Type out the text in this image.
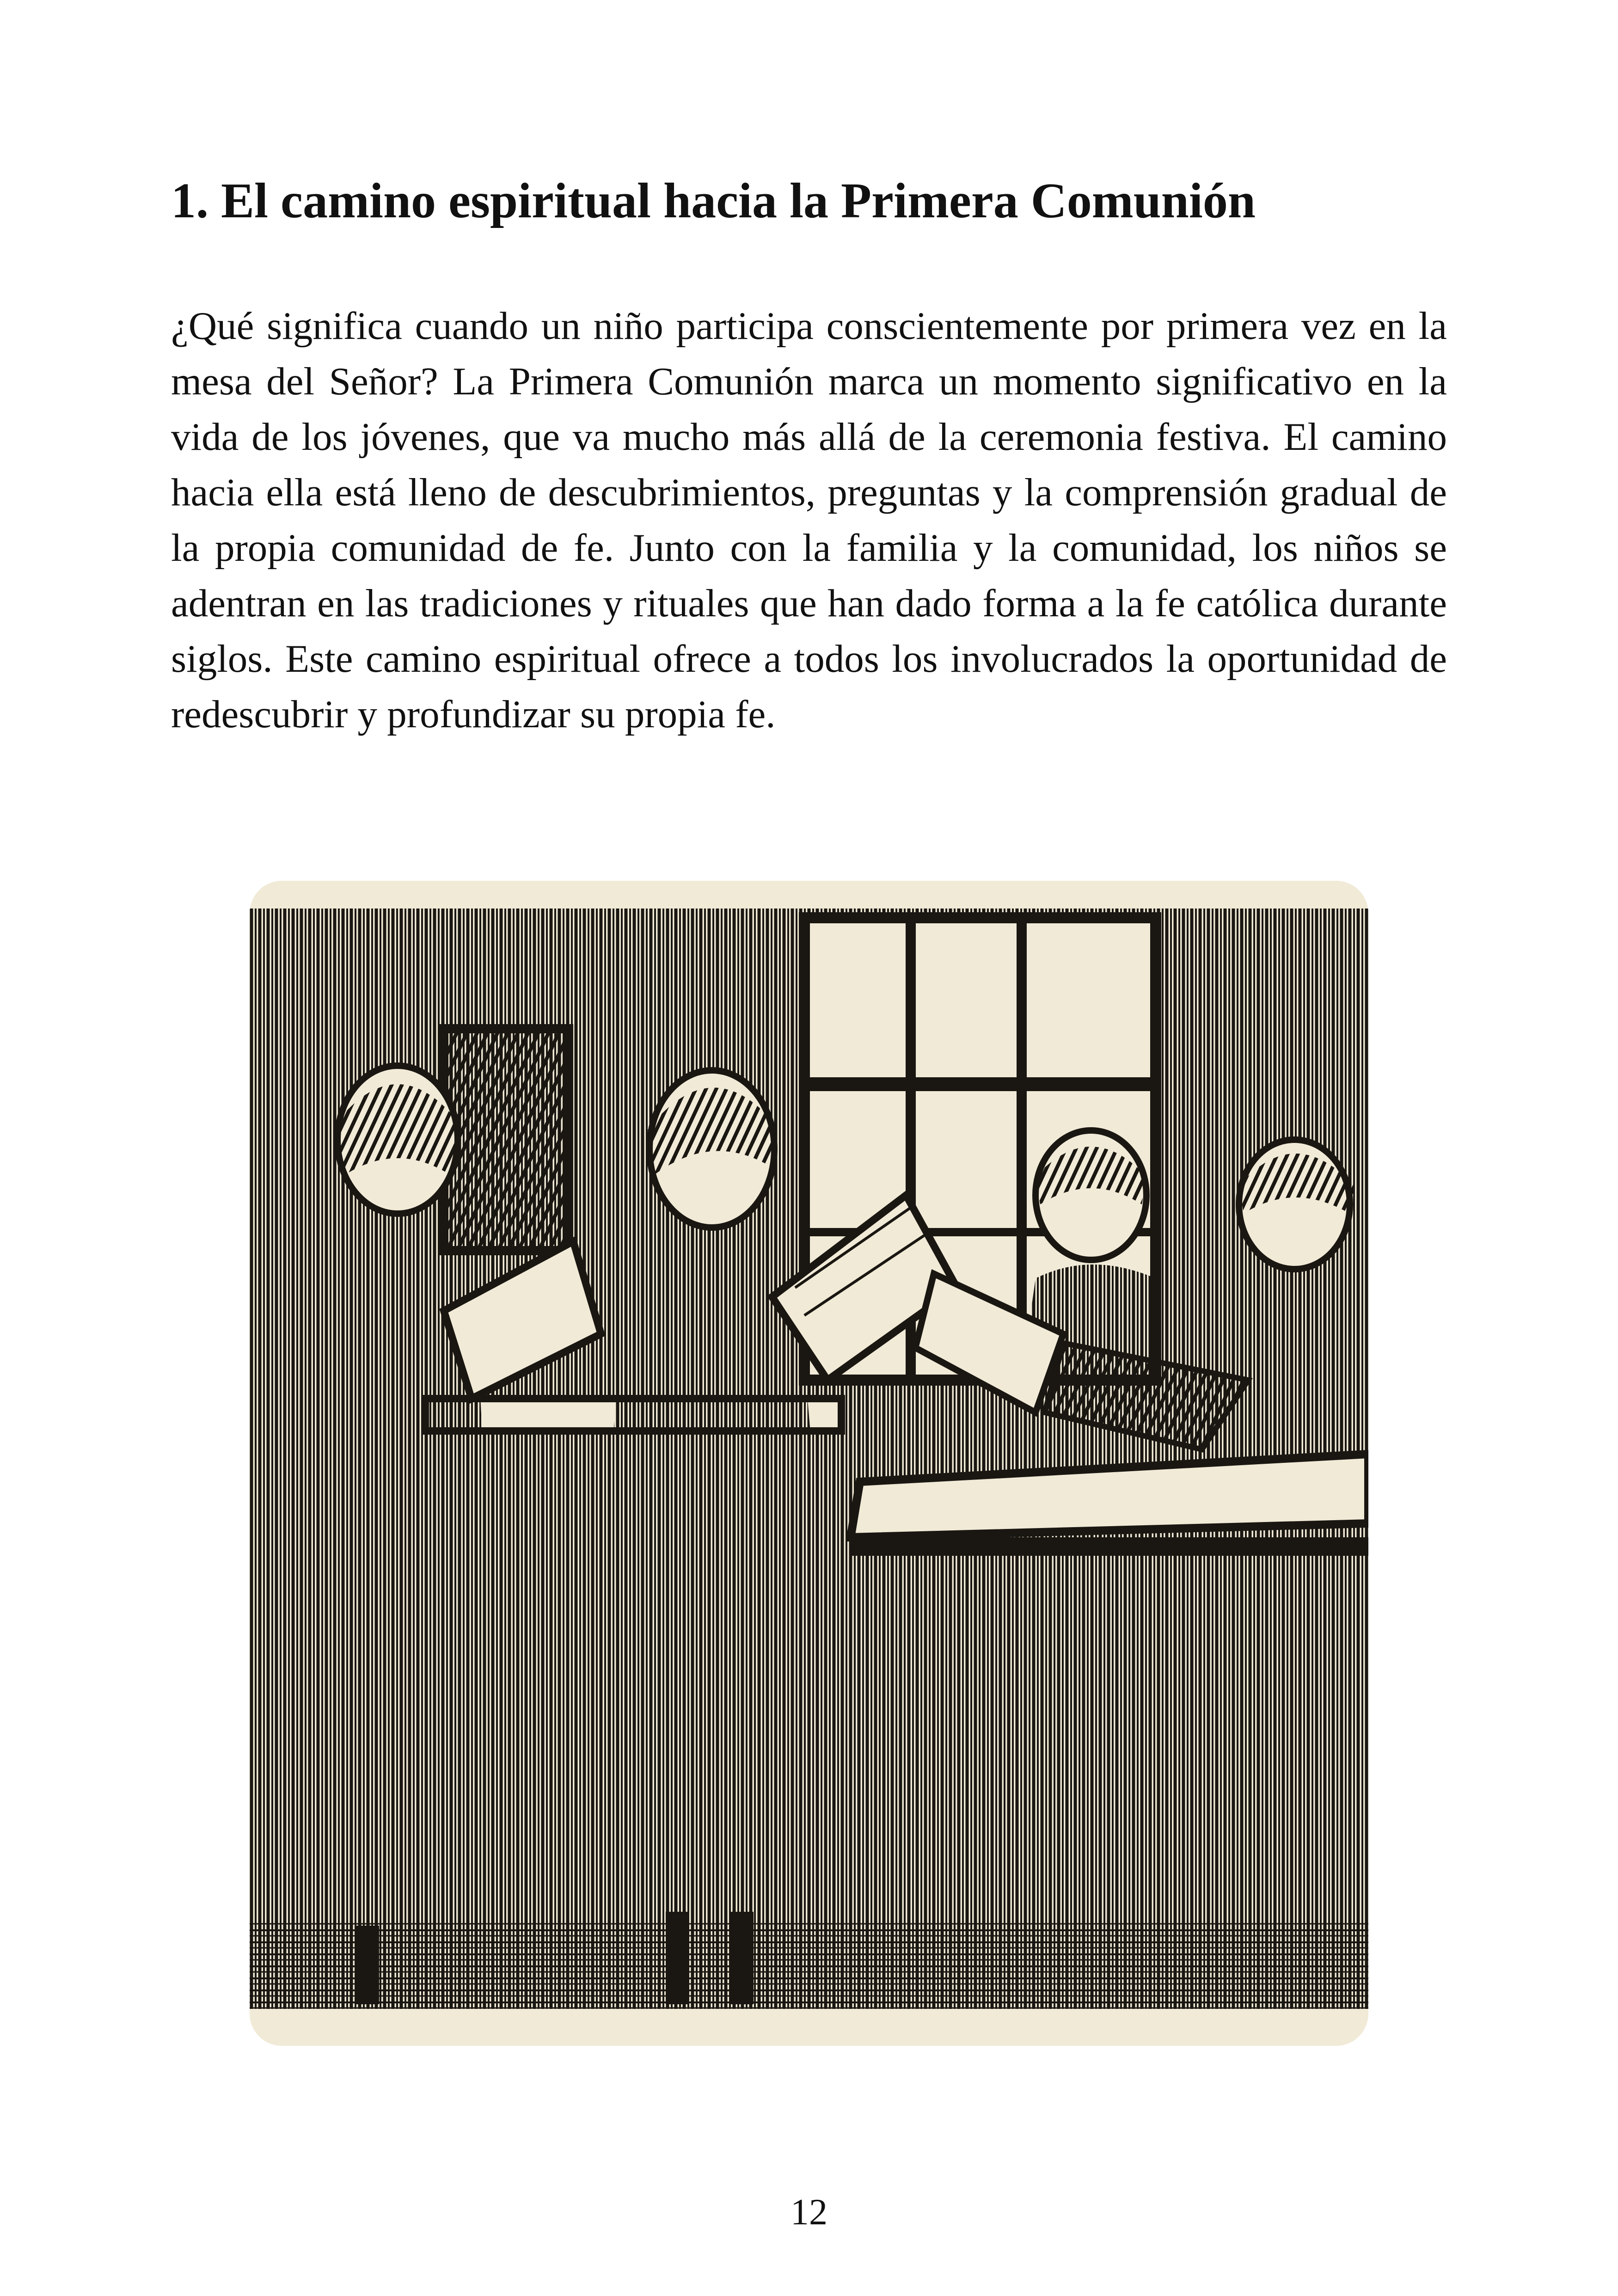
1. El camino espiritual hacia la Primera Comunión

¿Qué significa cuando un niño participa conscientemente por primera vez en la mesa del Señor? La Primera Comunión marca un momento significativo en la vida de los jóvenes, que va mucho más allá de la ceremonia festiva. El camino hacia ella está lleno de descubrimientos, preguntas y la comprensión gradual de la propia comunidad de fe. Junto con la familia y la comunidad, los niños se adentran en las tradiciones y rituales que han dado forma a la fe católica durante siglos. Este camino espiritual ofrece a todos los involucrados la oportunidad de redescubrir y profundizar su propia fe.

12
